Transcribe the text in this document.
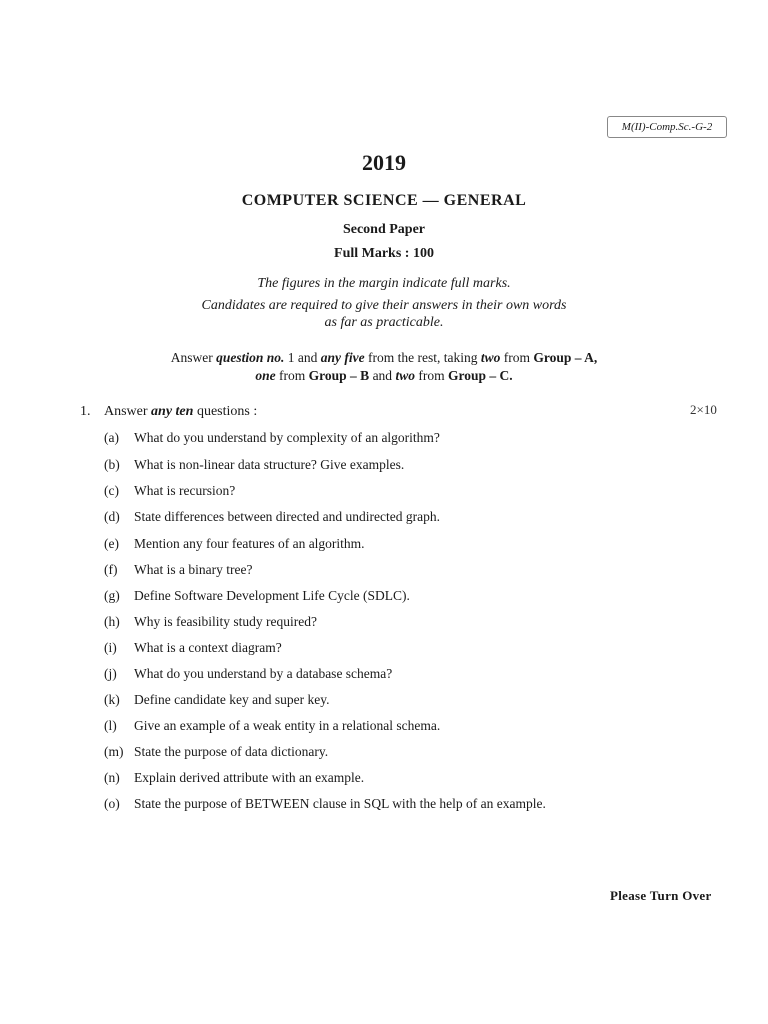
M(II)-Comp.Sc.-G-2
2019
COMPUTER SCIENCE — GENERAL
Second Paper
Full Marks : 100
The figures in the margin indicate full marks.
Candidates are required to give their answers in their own words
as far as practicable.
Answer question no. 1 and any five from the rest, taking two from Group – A,
one from Group – B and two from Group – C.
1. Answer any ten questions :	2×10
(a) What do you understand by complexity of an algorithm?
(b) What is non-linear data structure? Give examples.
(c) What is recursion?
(d) State differences between directed and undirected graph.
(e) Mention any four features of an algorithm.
(f) What is a binary tree?
(g) Define Software Development Life Cycle (SDLC).
(h) Why is feasibility study required?
(i) What is a context diagram?
(j) What do you understand by a database schema?
(k) Define candidate key and super key.
(l) Give an example of a weak entity in a relational schema.
(m) State the purpose of data dictionary.
(n) Explain derived attribute with an example.
(o) State the purpose of BETWEEN clause in SQL with the help of an example.
Please Turn Over
